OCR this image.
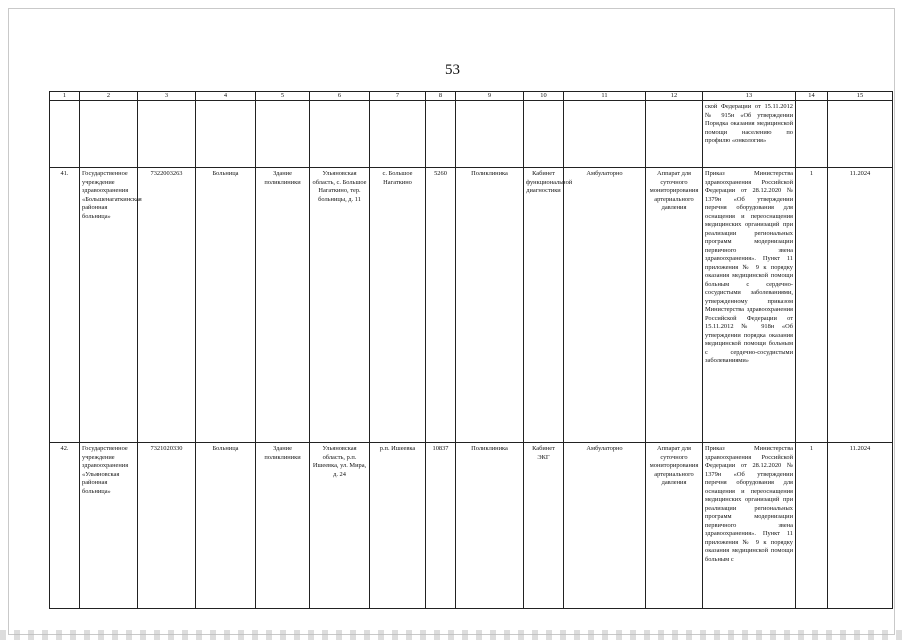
53
1	2	3	4	5	6	7	8	9	10	11	12	13	14	15
												ской Федерации от 15.11.2012 № 915н «Об утверждении Порядка оказания медицинской помощи населению по профилю «онкология»		
41.	Государственное учреждение здравоохранения «Большенагаткинская районная больница»	7322003263	Больница	Здание поликлиники	Ульяновская область, с. Большое Нагаткино, тер. больницы, д. 11	с. Большое Нагаткино	5260	Поликлиника	Кабинет функциональной диагностики	Амбулаторно	Аппарат для суточного мониторирования артериального давления	Приказ Министерства здравоохранения Российской Федерации от 28.12.2020 № 1379н «Об утверждении перечня оборудования для оснащения и переоснащения медицинских организаций при реализации региональных программ модернизации первичного звена здравоохранения». Пункт 11 приложения № 9 к порядку оказания медицинской помощи больным с сердечно-сосудистыми заболеваниями, утвержденному приказом Министерства здравоохранения Российской Федерации от 15.11.2012 № 918н «Об утверждении порядка оказания медицинской помощи больным с сердечно-сосудистыми заболеваниями»	1	11.2024
42.	Государственное учреждение здравоохранения «Ульяновская районная больница»	7321020330	Больница	Здание поликлиники	Ульяновская область, р.п. Ишеевка, ул. Мира, д. 24	р.п. Ишеевка	10837	Поликлиника	Кабинет ЭКГ	Амбулаторно	Аппарат для суточного мониторирования артериального давления	Приказ Министерства здравоохранения Российской Федерации от 28.12.2020 № 1379н «Об утверждении перечня оборудования для оснащения и переоснащения медицинских организаций при реализации региональных программ модернизации первичного звена здравоохранения». Пункт 11 приложения № 9 к порядку оказания медицинской помощи больным с	1	11.2024
